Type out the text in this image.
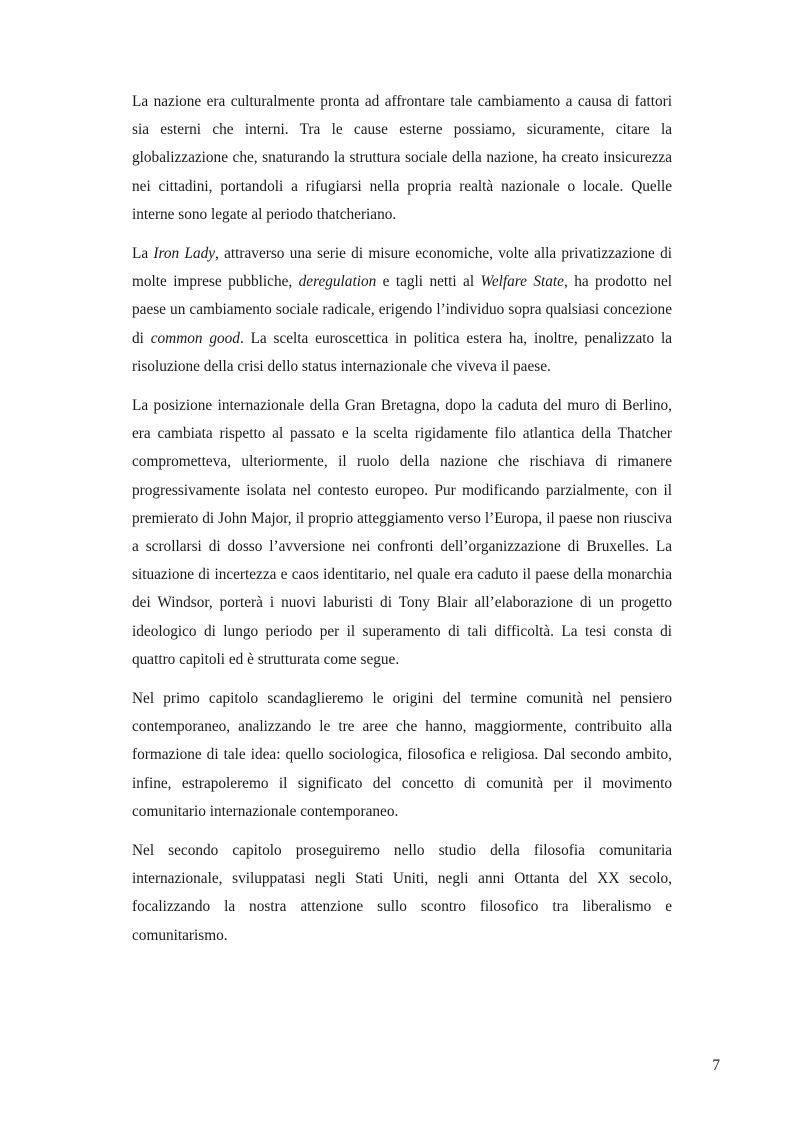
La nazione era culturalmente pronta ad affrontare tale cambiamento a causa di fattori sia esterni che interni. Tra le cause esterne possiamo, sicuramente, citare la globalizzazione che, snaturando la struttura sociale della nazione, ha creato insicurezza nei cittadini, portandoli a rifugiarsi nella propria realtà nazionale o locale. Quelle interne sono legate al periodo thatcheriano.

La Iron Lady, attraverso una serie di misure economiche, volte alla privatizzazione di molte imprese pubbliche, deregulation e tagli netti al Welfare State, ha prodotto nel paese un cambiamento sociale radicale, erigendo l’individuo sopra qualsiasi concezione di common good. La scelta euroscettica in politica estera ha, inoltre, penalizzato la risoluzione della crisi dello status internazionale che viveva il paese.

La posizione internazionale della Gran Bretagna, dopo la caduta del muro di Berlino, era cambiata rispetto al passato e la scelta rigidamente filo atlantica della Thatcher comprometteva, ulteriormente, il ruolo della nazione che rischiava di rimanere progressivamente isolata nel contesto europeo. Pur modificando parzialmente, con il premierato di John Major, il proprio atteggiamento verso l’Europa, il paese non riusciva a scrollarsi di dosso l’avversione nei confronti dell’organizzazione di Bruxelles. La situazione di incertezza e caos identitario, nel quale era caduto il paese della monarchia dei Windsor, porterà i nuovi laburisti di Tony Blair all’elaborazione di un progetto ideologico di lungo periodo per il superamento di tali difficoltà. La tesi consta di quattro capitoli ed è strutturata come segue.

Nel primo capitolo scandaglieremo le origini del termine comunità nel pensiero contemporaneo, analizzando le tre aree che hanno, maggiormente, contribuito alla formazione di tale idea: quello sociologica, filosofica e religiosa. Dal secondo ambito, infine, estrapoleremo il significato del concetto di comunità per il movimento comunitario internazionale contemporaneo.

Nel secondo capitolo proseguiremo nello studio della filosofia comunitaria internazionale, sviluppatasi negli Stati Uniti, negli anni Ottanta del XX secolo, focalizzando la nostra attenzione sullo scontro filosofico tra liberalismo e comunitarismo.

7
